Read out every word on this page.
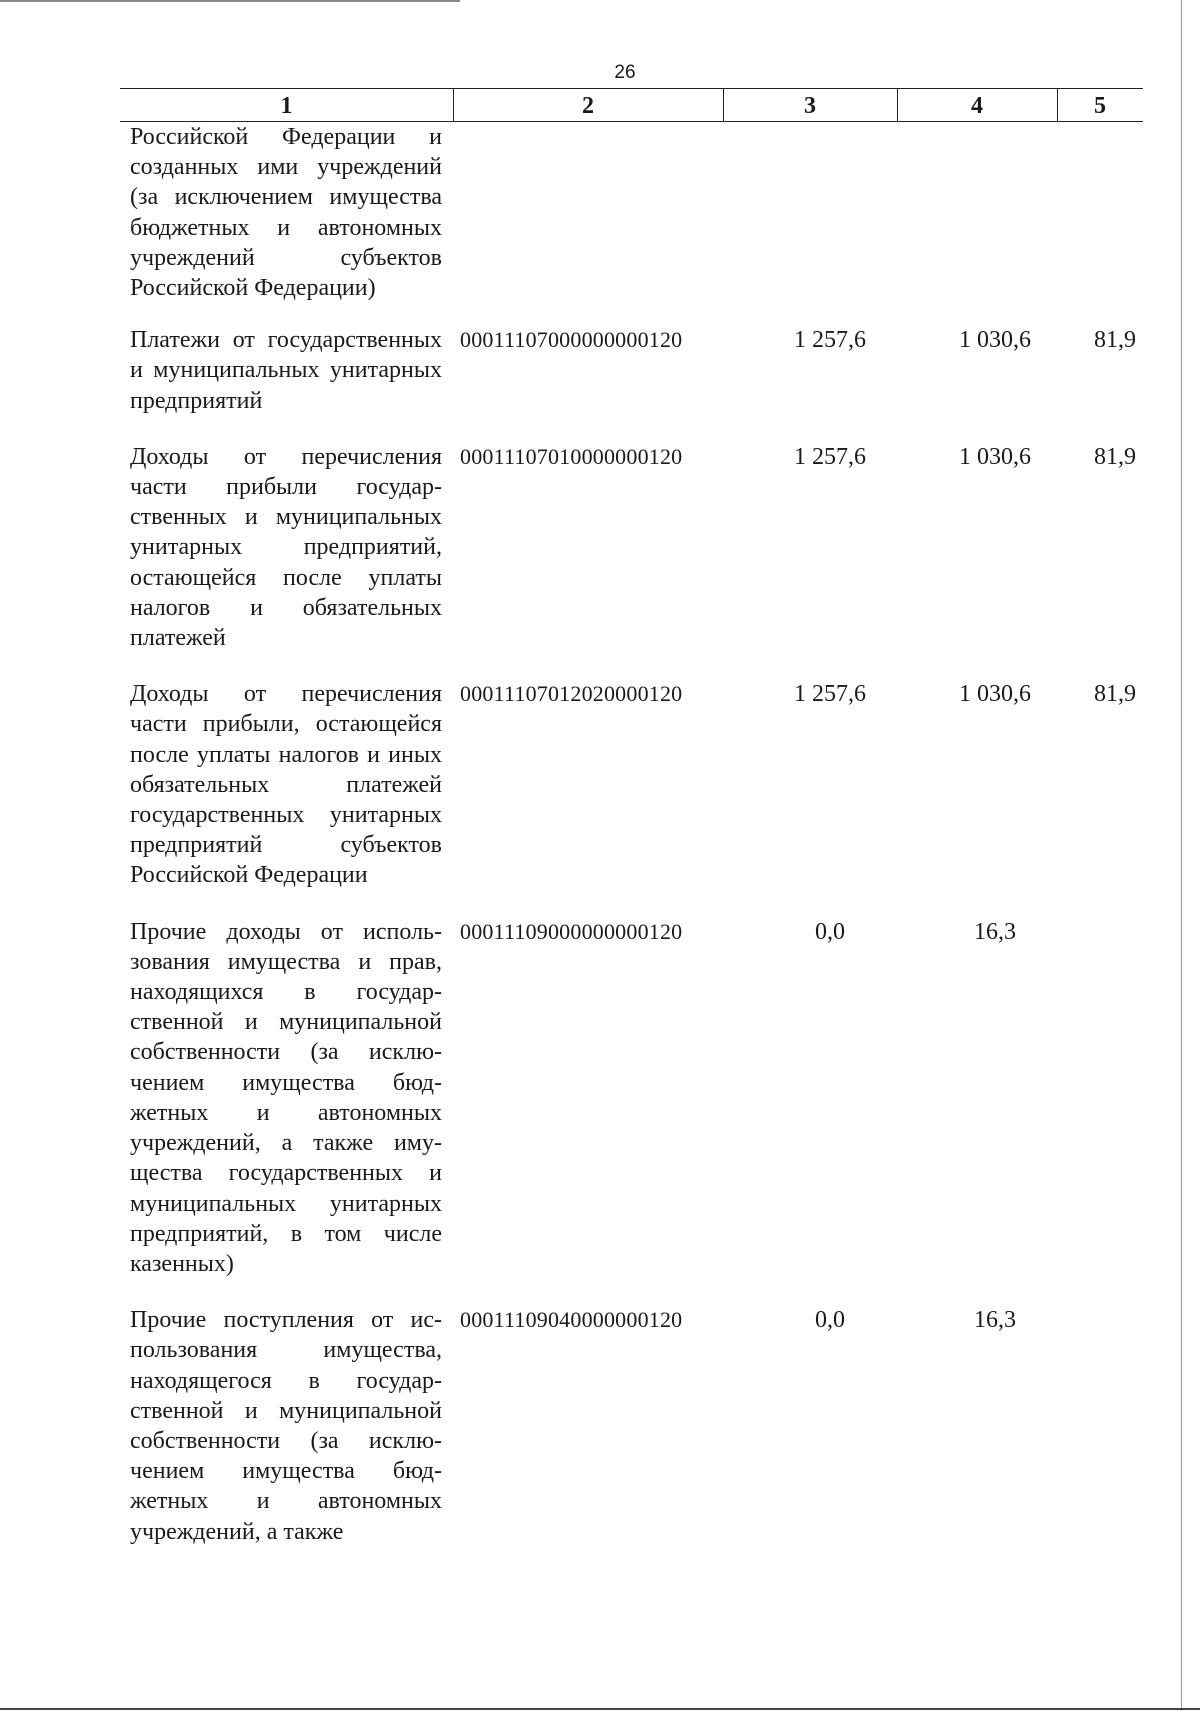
26
1	2	3	4	5
Российской Федерации и созданных ими учреждений (за исключением имущества бюджетных и автономных учреждений субъектов Российской Федерации)
Платежи от государственных и муниципальных унитарных предприятий
00011107000000000120	1 257,6	1 030,6	81,9
Доходы от перечисления части прибыли государственных и муниципальных унитарных предприятий, остающейся после уплаты налогов и обязательных платежей
00011107010000000120	1 257,6	1 030,6	81,9
Доходы от перечисления части прибыли, остающейся после уплаты налогов и иных обязательных платежей государственных унитарных предприятий субъектов Российской Федерации
00011107012020000120	1 257,6	1 030,6	81,9
Прочие доходы от использования имущества и прав, находящихся в государственной и муниципальной собственности (за исключением имущества бюджетных и автономных учреждений, а также имущества государственных и муниципальных унитарных предприятий, в том числе казенных)
00011109000000000120	0,0	16,3
Прочие поступления от использования имущества, находящегося в государственной и муниципальной собственности (за исключением имущества бюджетных и автономных учреждений, а также
00011109040000000120	0,0	16,3
